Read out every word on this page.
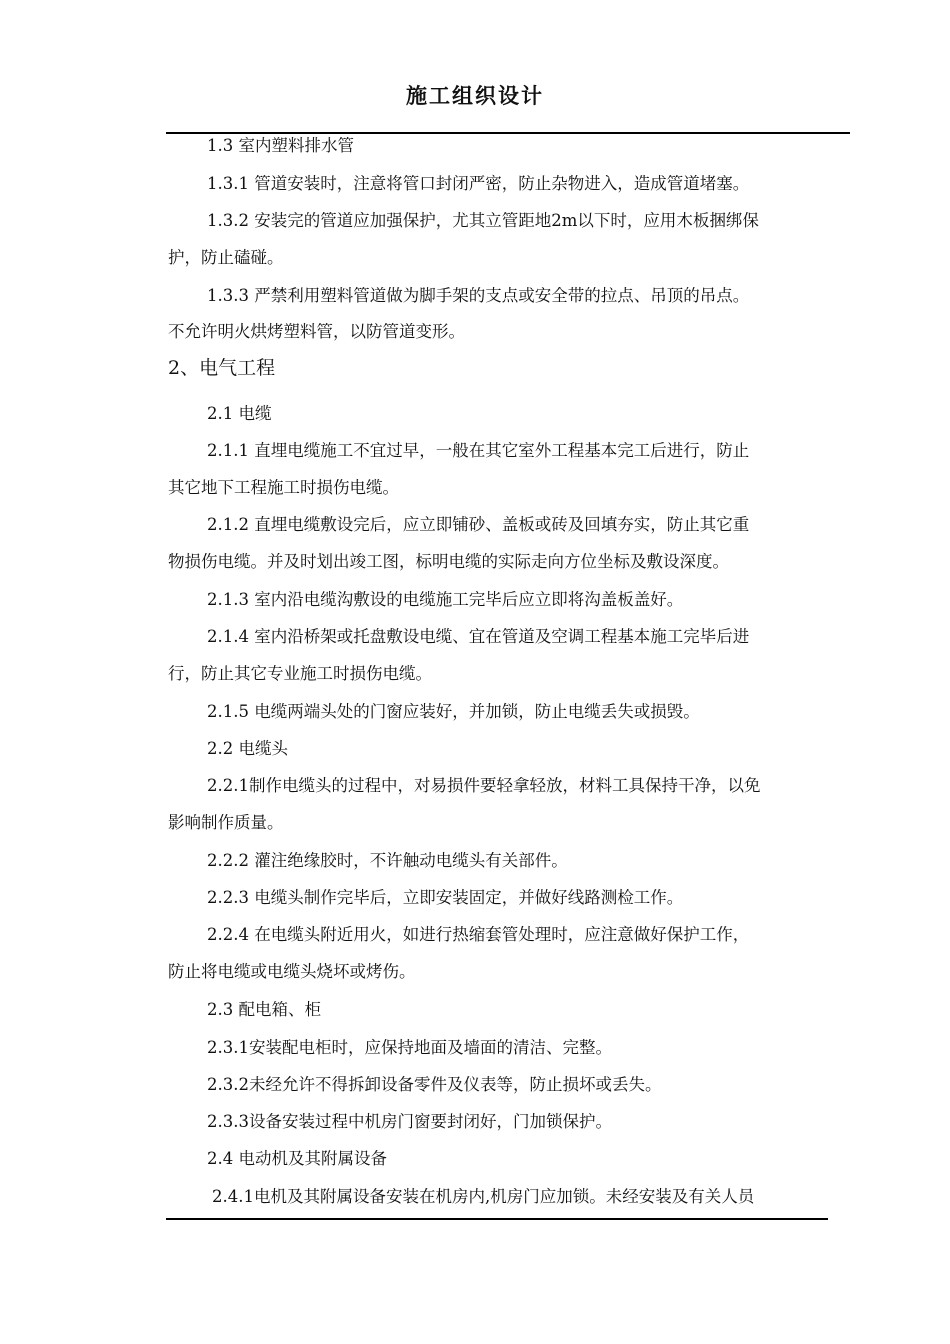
施工组织设计
1.3 室内塑料排水管
1.3.1 管道安装时，注意将管口封闭严密，防止杂物进入，造成管道堵塞。
1.3.2 安装完的管道应加强保护，尤其立管距地2m以下时，应用木板捆绑保
护，防止磕碰。
1.3.3 严禁利用塑料管道做为脚手架的支点或安全带的拉点、吊顶的吊点。
不允许明火烘烤塑料管，以防管道变形。
2、电气工程
2.1 电缆
2.1.1 直埋电缆施工不宜过早，一般在其它室外工程基本完工后进行，防止
其它地下工程施工时损伤电缆。
2.1.2 直埋电缆敷设完后，应立即铺砂、盖板或砖及回填夯实，防止其它重
物损伤电缆。并及时划出竣工图，标明电缆的实际走向方位坐标及敷设深度。
2.1.3 室内沿电缆沟敷设的电缆施工完毕后应立即将沟盖板盖好。
2.1.4 室内沿桥架或托盘敷设电缆、宜在管道及空调工程基本施工完毕后进
行，防止其它专业施工时损伤电缆。
2.1.5 电缆两端头处的门窗应装好，并加锁，防止电缆丢失或损毁。
2.2 电缆头
2.2.1制作电缆头的过程中，对易损件要轻拿轻放，材料工具保持干净，以免
影响制作质量。
2.2.2 灌注绝缘胶时，不许触动电缆头有关部件。
2.2.3 电缆头制作完毕后，立即安装固定，并做好线路测检工作。
2.2.4 在电缆头附近用火，如进行热缩套管处理时，应注意做好保护工作，
防止将电缆或电缆头烧坏或烤伤。
2.3 配电箱、柜
2.3.1安装配电柜时，应保持地面及墙面的清洁、完整。
2.3.2未经允许不得拆卸设备零件及仪表等，防止损坏或丢失。
2.3.3设备安装过程中机房门窗要封闭好，门加锁保护。
2.4 电动机及其附属设备
2.4.1电机及其附属设备安装在机房内,机房门应加锁。未经安装及有关人员
